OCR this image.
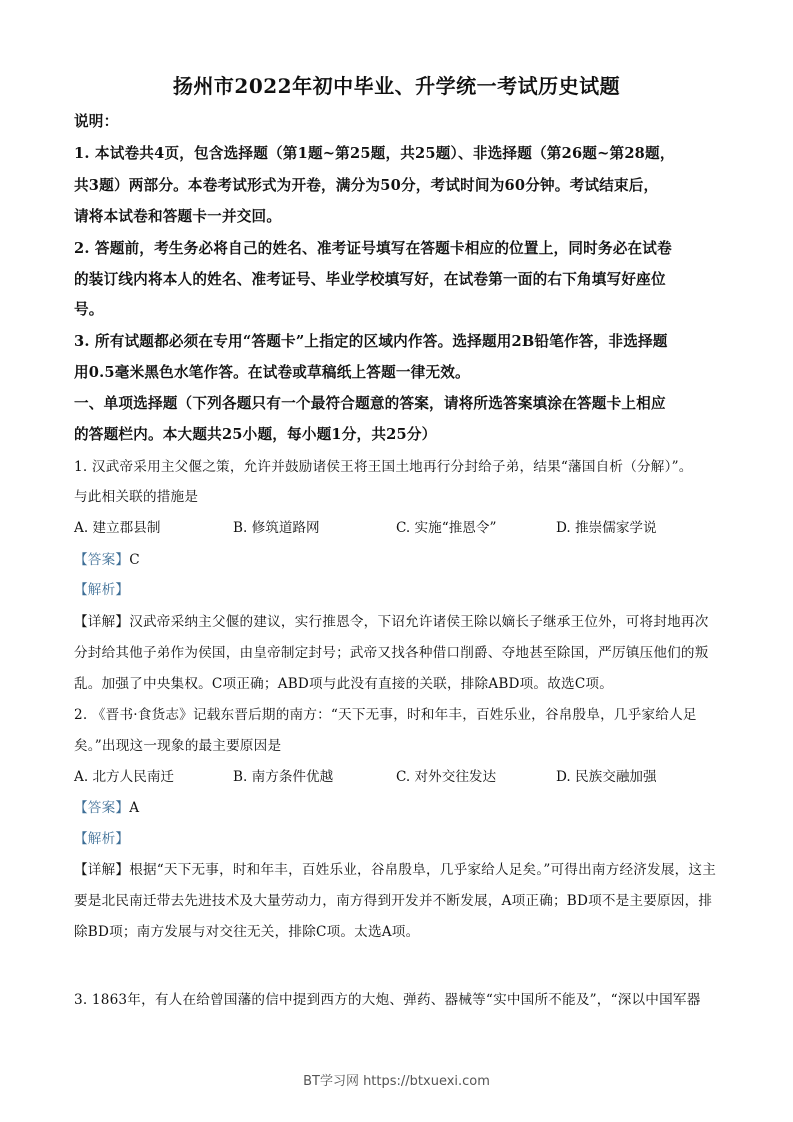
扬州市2022年初中毕业、升学统一考试历史试题
说明：
1. 本试卷共4页，包含选择题（第1题~第25题，共25题）、非选择题（第26题~第28题，
共3题）两部分。本卷考试形式为开卷，满分为50分，考试时间为60分钟。考试结束后，
请将本试卷和答题卡一并交回。
2. 答题前，考生务必将自己的姓名、准考证号填写在答题卡相应的位置上，同时务必在试卷
的装订线内将本人的姓名、准考证号、毕业学校填写好，在试卷第一面的右下角填写好座位
号。
3. 所有试题都必须在专用“答题卡”上指定的区域内作答。选择题用2B铅笔作答，非选择题
用0.5毫米黑色水笔作答。在试卷或草稿纸上答题一律无效。
一、单项选择题（下列各题只有一个最符合题意的答案，请将所选答案填涂在答题卡上相应
的答题栏内。本大题共25小题，每小题1分，共25分）
1. 汉武帝采用主父偃之策，允许并鼓励诸侯王将王国土地再行分封给子弟，结果“藩国自析（分解）”。
与此相关联的措施是
A. 建立郡县制	B. 修筑道路网	C. 实施“推恩令”	D. 推崇儒家学说
【答案】C
【解析】
【详解】汉武帝采纳主父偃的建议，实行推恩令，下诏允许诸侯王除以嫡长子继承王位外，可将封地再次
分封给其他子弟作为侯国，由皇帝制定封号；武帝又找各种借口削爵、夺地甚至除国，严厉镇压他们的叛
乱。加强了中央集权。C项正确；ABD项与此没有直接的关联，排除ABD项。故选C项。
2. 《晋书·食货志》记载东晋后期的南方：“天下无事，时和年丰，百姓乐业，谷帛殷阜，几乎家给人足
矣。”出现这一现象的最主要原因是
A. 北方人民南迁	B. 南方条件优越	C. 对外交往发达	D. 民族交融加强
【答案】A
【解析】
【详解】根据“天下无事，时和年丰，百姓乐业，谷帛殷阜，几乎家给人足矣。”可得出南方经济发展，这主
要是北民南迁带去先进技术及大量劳动力，南方得到开发并不断发展，A项正确；BD项不是主要原因，排
除BD项；南方发展与对交往无关，排除C项。太选A项。
3. 1863年，有人在给曾国藩的信中提到西方的大炮、弹药、器械等“实中国所不能及”，“深以中国军器
BT学习网 https://btxuexi.com
